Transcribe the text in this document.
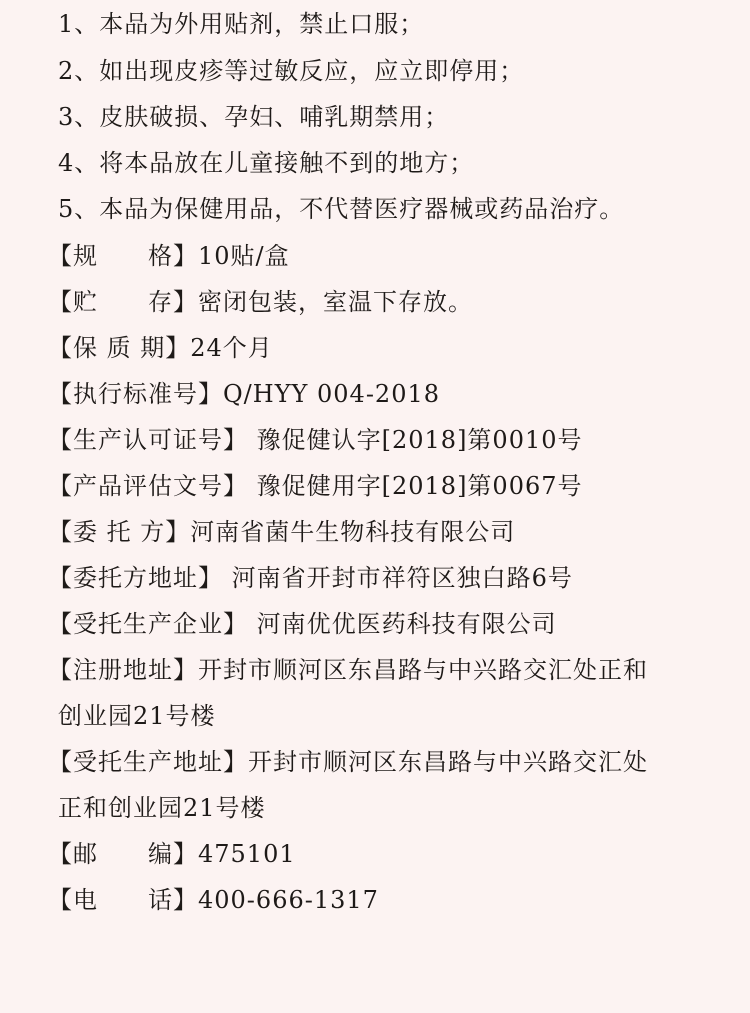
1、本品为外用贴剂，禁止口服；
2、如出现皮疹等过敏反应，应立即停用；
3、皮肤破损、孕妇、哺乳期禁用；
4、将本品放在儿童接触不到的地方；
5、本品为保健用品，不代替医疗器械或药品治疗。
【规　　格】10贴/盒
【贮　　存】密闭包装，室温下存放。
【保 质 期】24个月
【执行标准号】Q/HYY 004-2018
【生产认可证号】 豫促健认字[2018]第0010号
【产品评估文号】 豫促健用字[2018]第0067号
【委 托 方】河南省菌牛生物科技有限公司
【委托方地址】 河南省开封市祥符区独白路6号
【受托生产企业】 河南优优医药科技有限公司
【注册地址】开封市顺河区东昌路与中兴路交汇处正和
创业园21号楼
【受托生产地址】开封市顺河区东昌路与中兴路交汇处
正和创业园21号楼
【邮　　编】475101
【电　　话】400-666-1317
